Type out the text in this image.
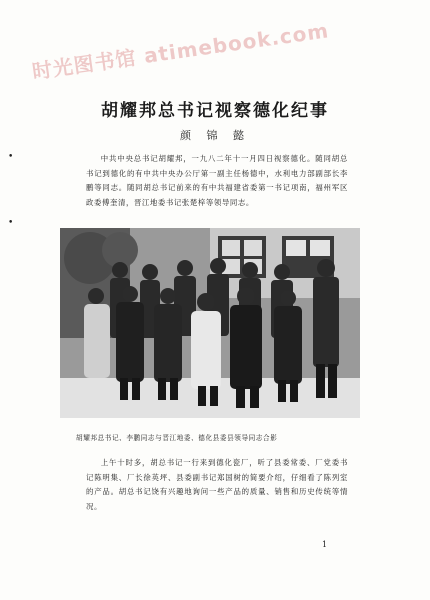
时光图书馆 atimebook.com
胡耀邦总书记视察德化纪事
颜 锦 懿
中共中央总书记胡耀邦，一九八二年十一月四日视察德化。随同胡总书记到德化的有中共中央办公厅第一副主任杨德中，水利电力部副部长李鹏等同志。随同胡总书记前来的有中共福建省委第一书记项南，福州军区政委傅奎清，晋江地委书记张楚梓等领导同志。
胡耀邦总书记、李鹏同志与晋江地委、德化县委县领导同志合影
上午十时多，胡总书记一行来到德化瓷厂，听了县委常委、厂党委书记陈明集、厂长徐英坪、县委副书记郑国树的简要介绍，仔细看了陈列室的产品。胡总书记饶有兴趣地询问一些产品的质量、销售和历史传统等情况。
1
•
•
